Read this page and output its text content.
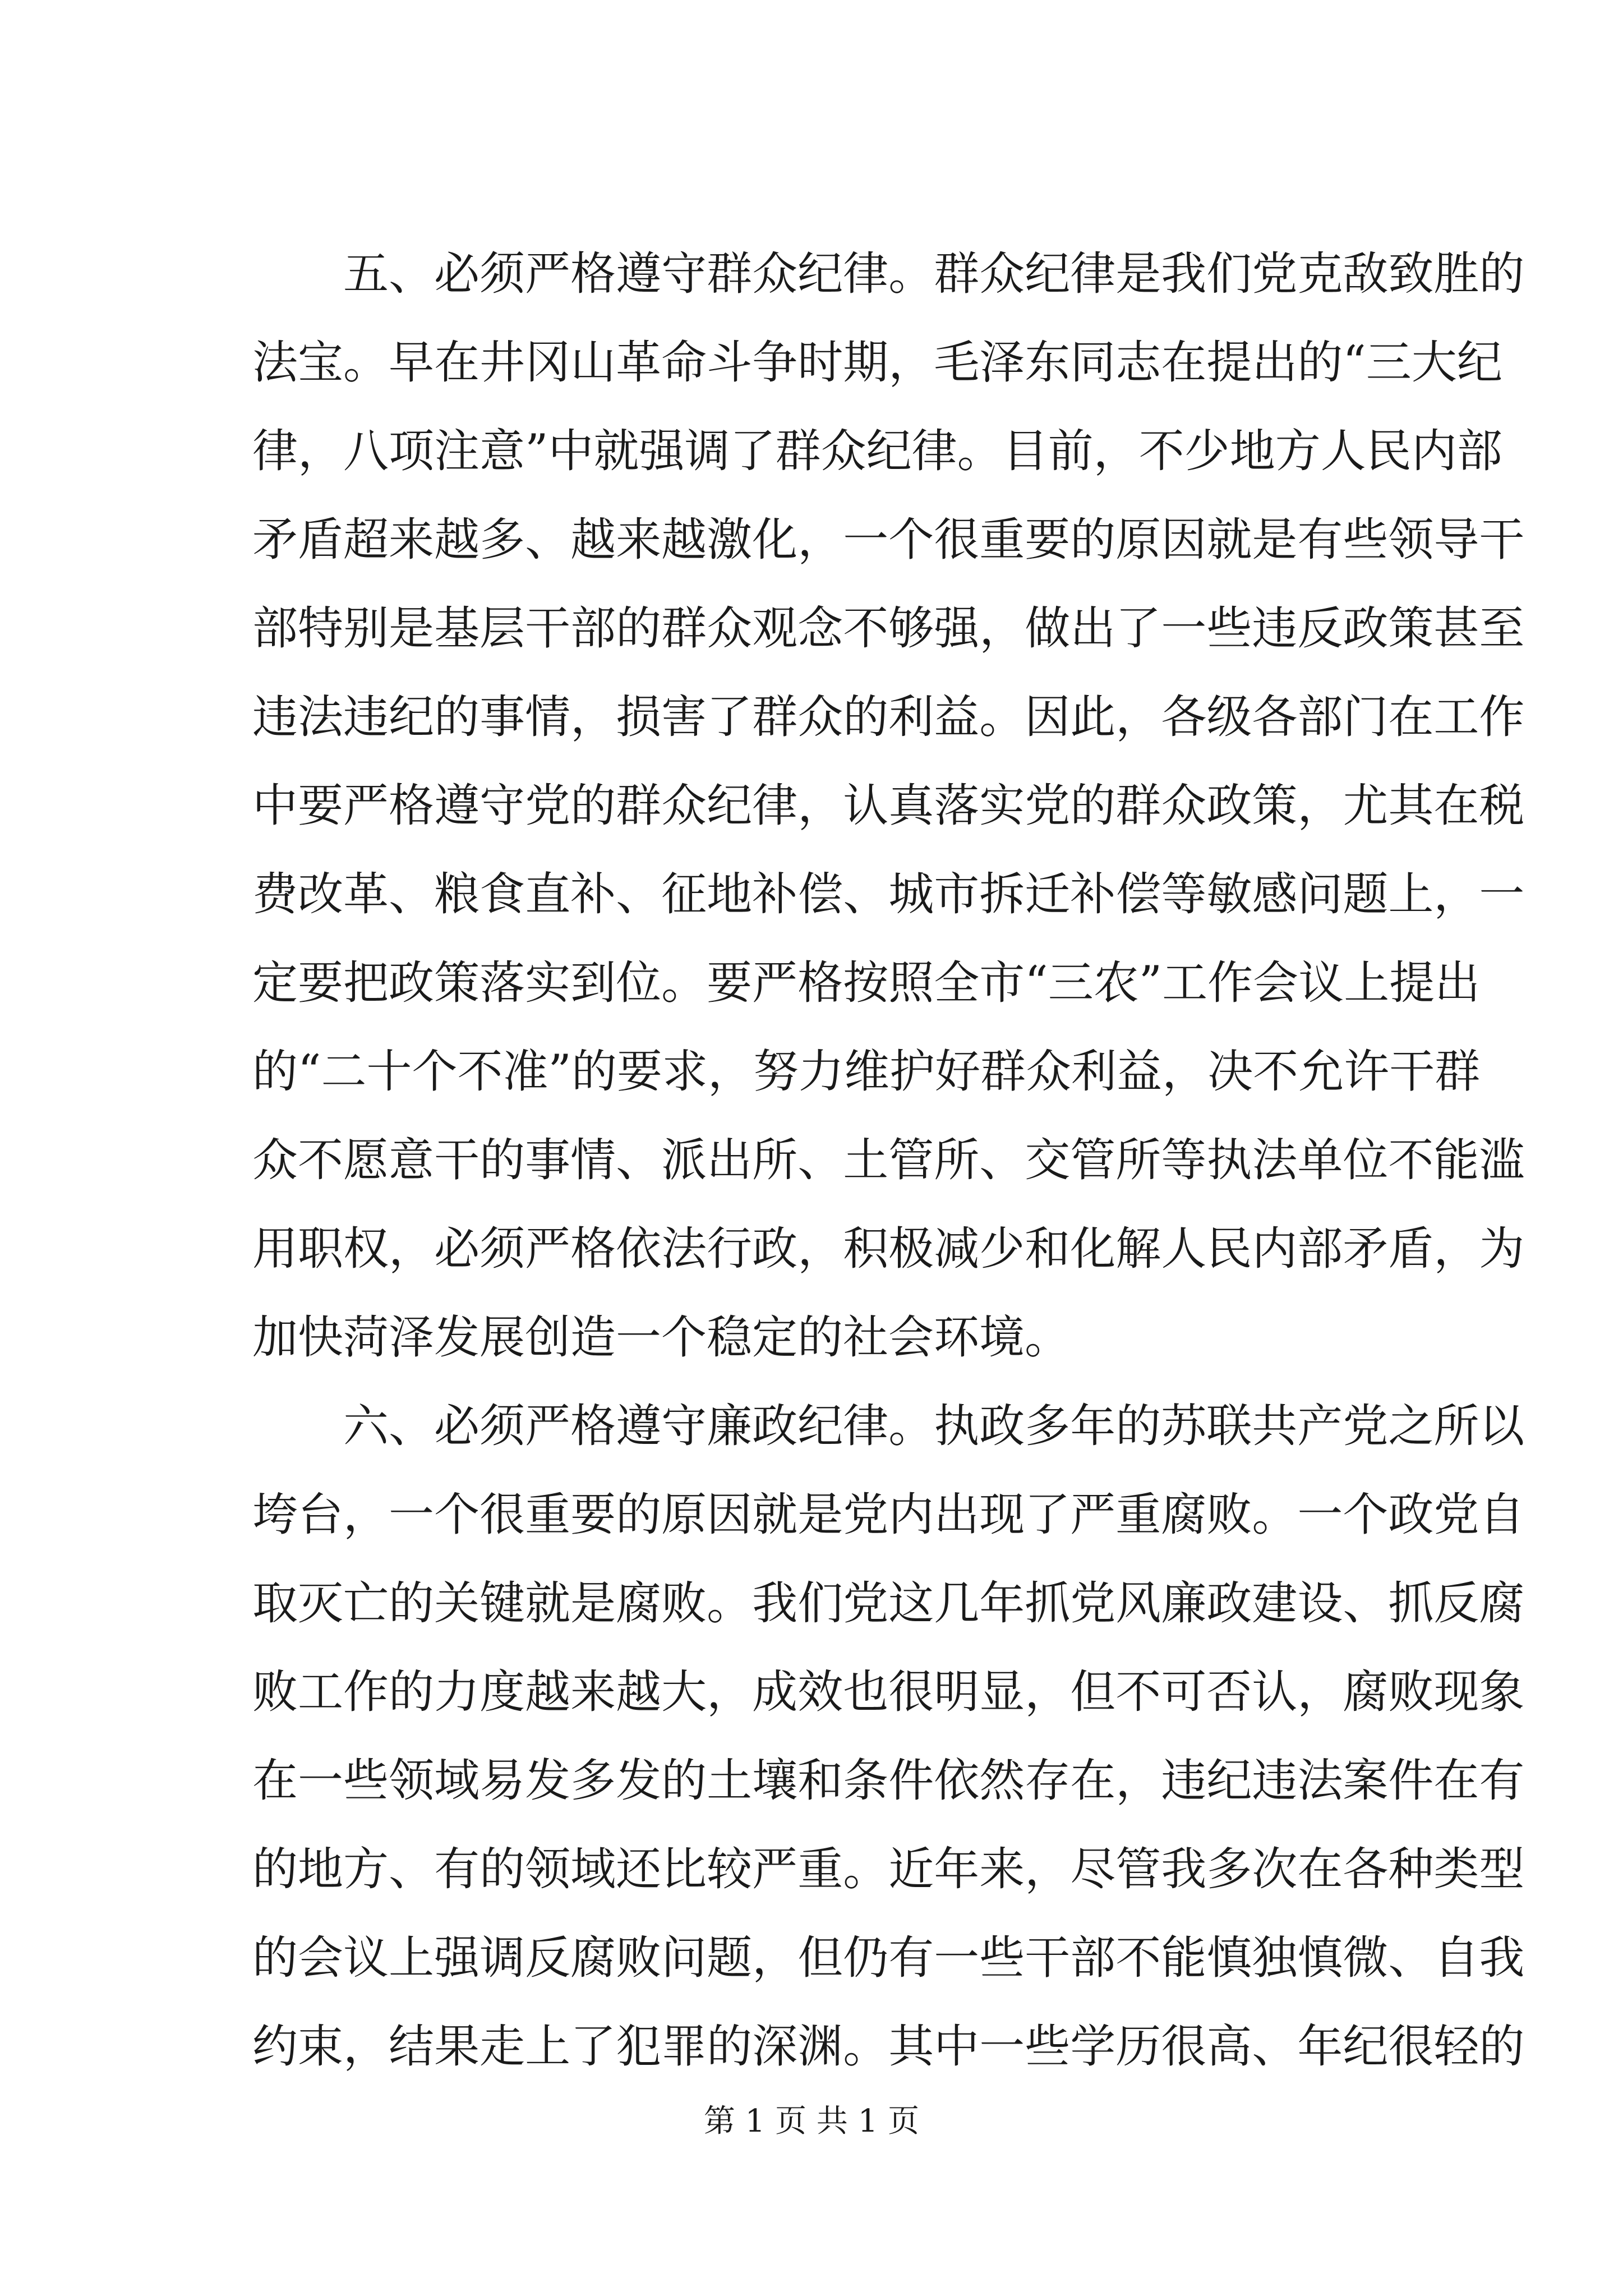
五 、 必 须 严 格 遵 守 群 众 纪 律 。 群 众 纪 律 是 我 们 党 克 敌 致 胜 的
法 宝 。 早 在 井 冈 山 革 命 斗 争 时 期 ， 毛 泽 东 同 志 在 提 出 的 “ 三 大 纪
律 ， 八 项 注 意 ” 中 就 强 调 了 群 众 纪 律 。 目 前 ， 不 少 地 方 人 民 内 部
矛 盾 超 来 越 多 、 越 来 越 激 化 ， 一 个 很 重 要 的 原 因 就 是 有 些 领 导 干
部 特 别 是 基 层 干 部 的 群 众 观 念 不 够 强 ， 做 出 了 一 些 违 反 政 策 甚 至
违 法 违 纪 的 事 情 ， 损 害 了 群 众 的 利 益 。 因 此 ， 各 级 各 部 门 在 工 作
中 要 严 格 遵 守 党 的 群 众 纪 律 ， 认 真 落 实 党 的 群 众 政 策 ， 尤 其 在 税
费 改 革 、 粮 食 直 补 、 征 地 补 偿 、 城 市 拆 迁 补 偿 等 敏 感 问 题 上 ， 一
定 要 把 政 策 落 实 到 位 。 要 严 格 按 照 全 市 “ 三 农 ” 工 作 会 议 上 提 出
的 “ 二 十 个 不 准 ” 的 要 求 ， 努 力 维 护 好 群 众 利 益 ， 决 不 允 许 干 群
众 不 愿 意 干 的 事 情 、 派 出 所 、 土 管 所 、 交 管 所 等 执 法 单 位 不 能 滥
用 职 权 ， 必 须 严 格 依 法 行 政 ， 积 极 减 少 和 化 解 人 民 内 部 矛 盾 ， 为
加快菏泽发展创造一个稳定的社会环境。
六 、 必 须 严 格 遵 守 廉 政 纪 律 。 执 政 多 年 的 苏 联 共 产 党 之 所 以
垮 台 ， 一 个 很 重 要 的 原 因 就 是 党 内 出 现 了 严 重 腐 败 。 一 个 政 党 自
取 灭 亡 的 关 键 就 是 腐 败 。 我 们 党 这 几 年 抓 党 风 廉 政 建 设 、 抓 反 腐
败 工 作 的 力 度 越 来 越 大 ， 成 效 也 很 明 显 ， 但 不 可 否 认 ， 腐 败 现 象
在 一 些 领 域 易 发 多 发 的 土 壤 和 条 件 依 然 存 在 ， 违 纪 违 法 案 件 在 有
的 地 方 、 有 的 领 域 还 比 较 严 重 。 近 年 来 ， 尽 管 我 多 次 在 各 种 类 型
的 会 议 上 强 调 反 腐 败 问 题 ， 但 仍 有 一 些 干 部 不 能 慎 独 慎 微 、 自 我
约 束 ， 结 果 走 上 了 犯 罪 的 深 渊 。 其 中 一 些 学 历 很 高 、 年 纪 很 轻 的
第 1 页 共 1 页
